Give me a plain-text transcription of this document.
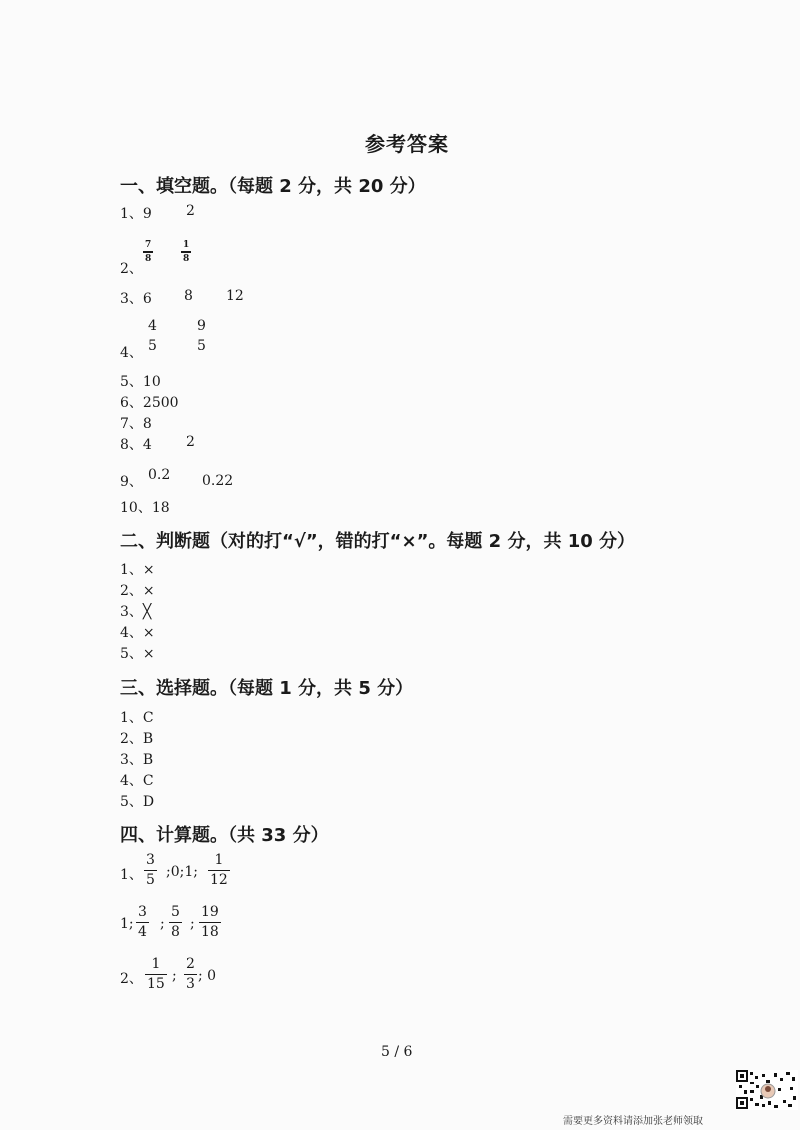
参考答案
一、填空题。（每题 2 分，共 20 分）
1、9 2
2、
7
8
1
8
3、6 8 12
4、
4
5
9
5
5、10
6、2500
7、8
8、4 2
9、 0.2 0.22
10、18
二、判断题（对的打“√”，错的打“×”。每题 2 分，共 10 分）
1、×
2、×
3、╳
4、×
5、×
三、选择题。（每题 1 分，共 5 分）
1、C
2、B
3、B
4、C
5、D
四、计算题。（共 33 分）
1、
3
5 ;0;1;
1
12
1;
3
4 ;
5
8 ;
19
18
2、
1
15 ;
2
3 ; 0
5 / 6
需要更多资料请添加张老师领取
